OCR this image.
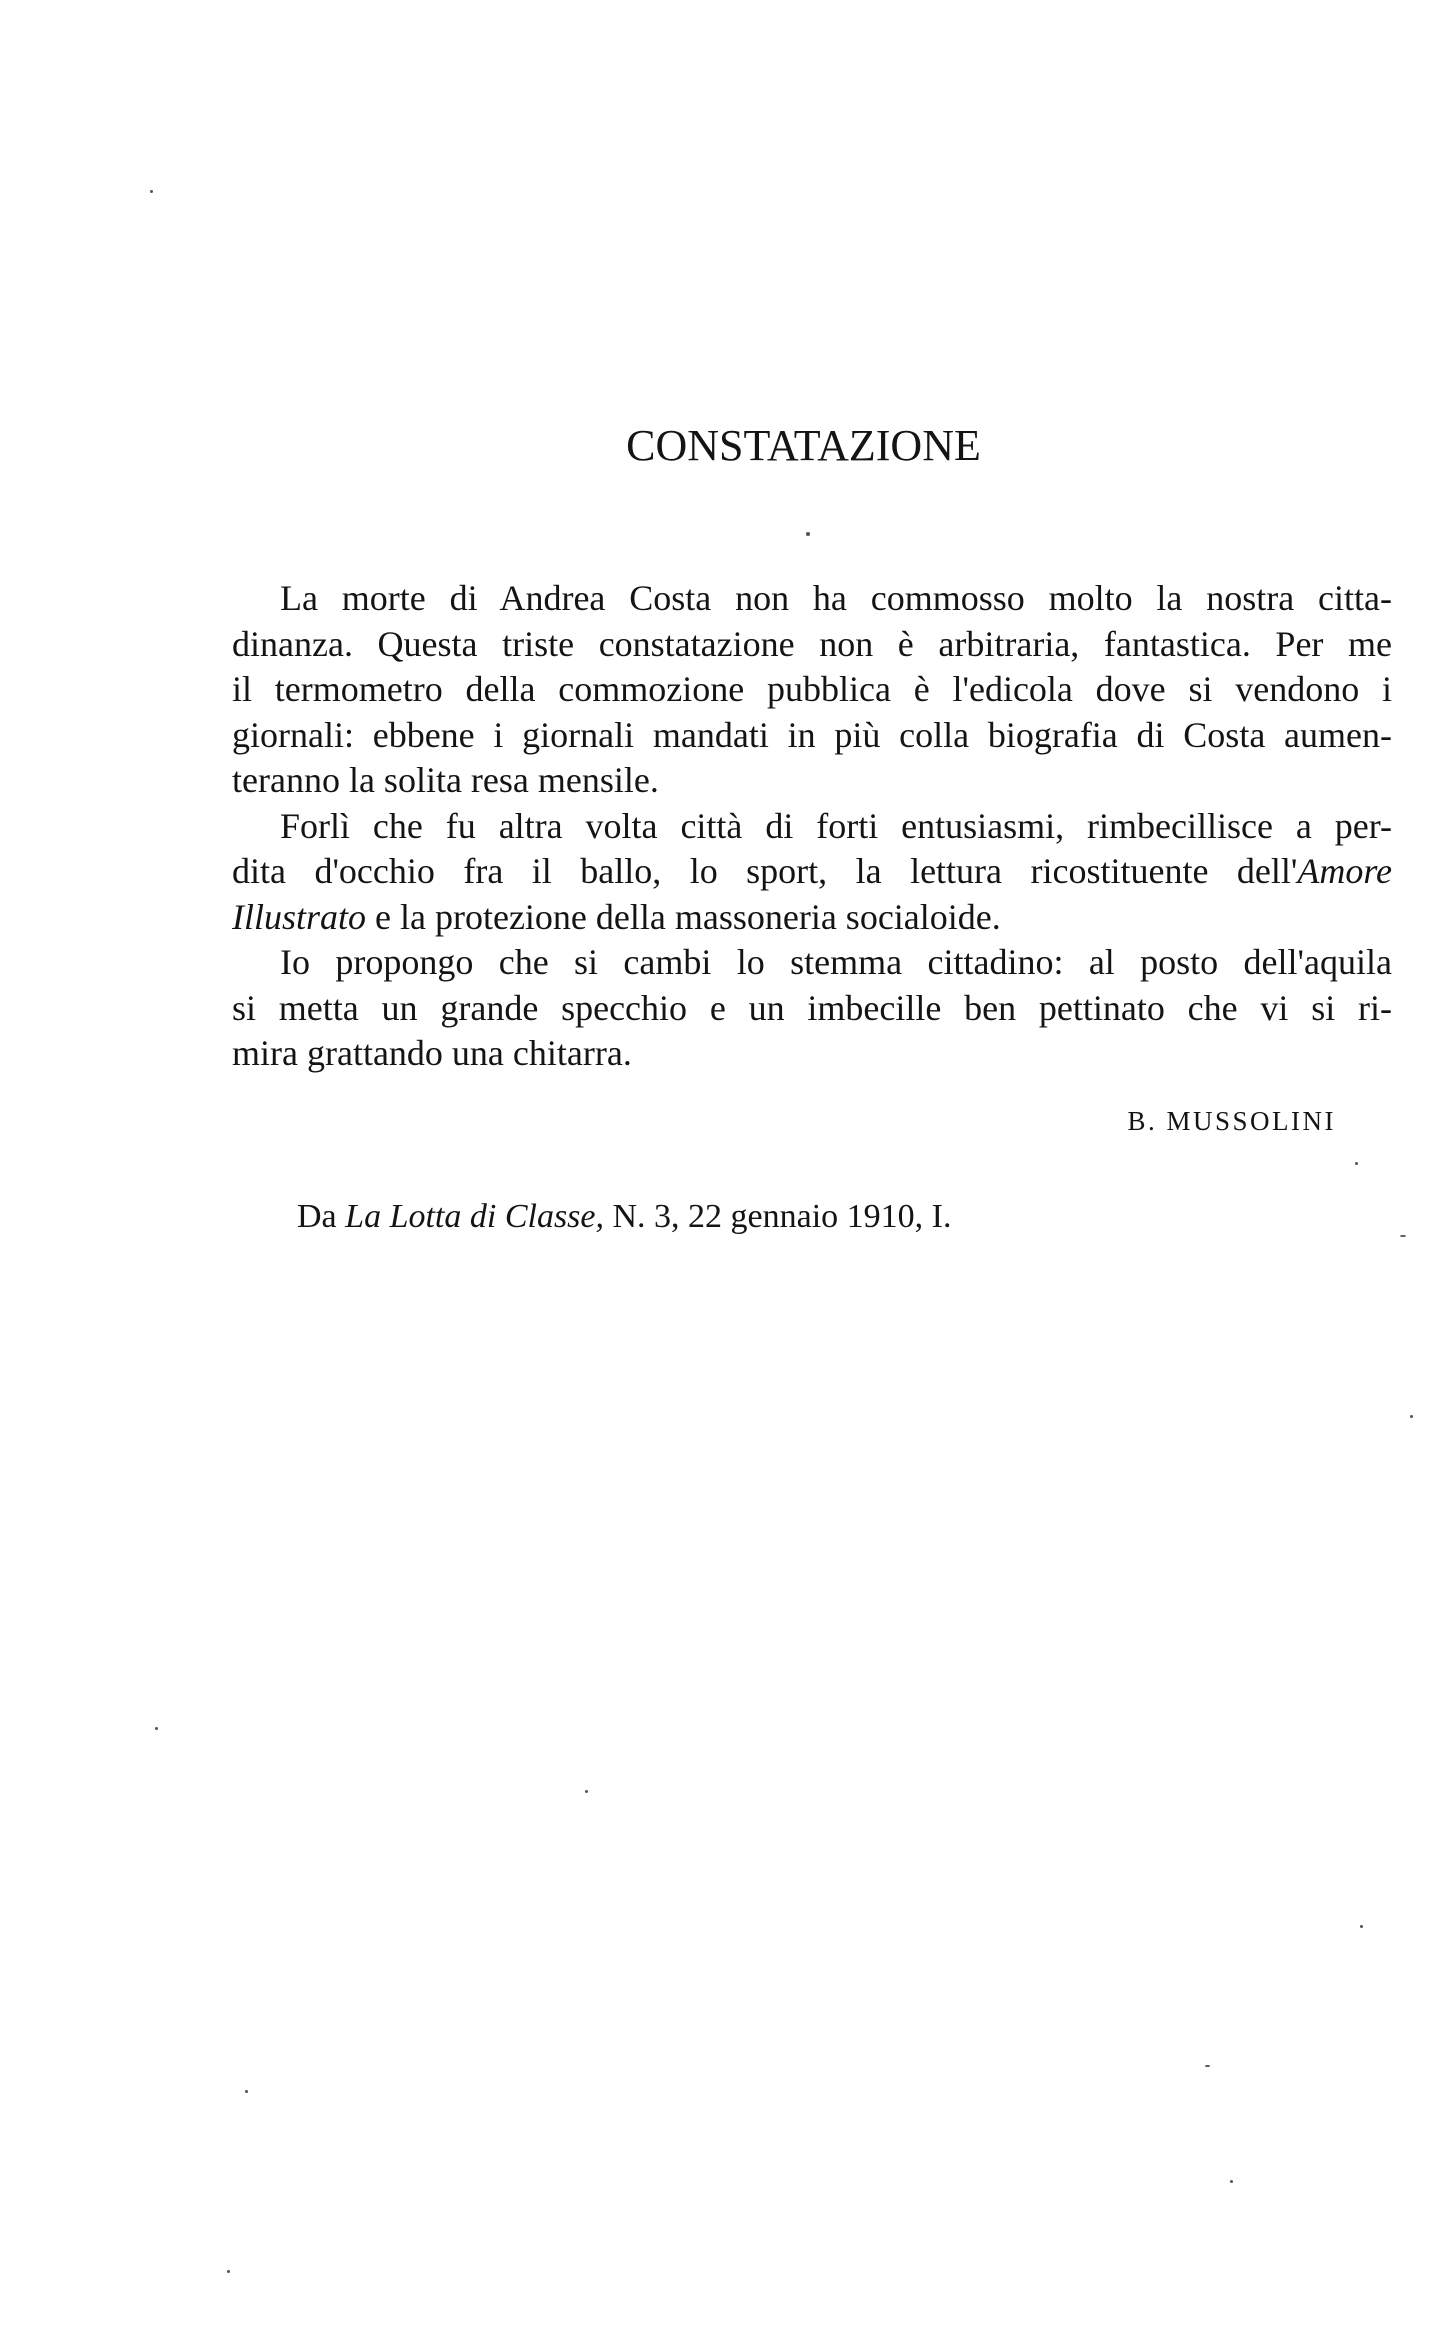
CONSTATAZIONE
La morte di Andrea Costa non ha commosso molto la nostra citta-
dinanza. Questa triste constatazione non è arbitraria, fantastica. Per me
il termometro della commozione pubblica è l'edicola dove si vendono i
giornali: ebbene i giornali mandati in più colla biografia di Costa aumen-
teranno la solita resa mensile.
Forlì che fu altra volta città di forti entusiasmi, rimbecillisce a per-
dita d'occhio fra il ballo, lo sport, la lettura ricostituente dell'Amore
Illustrato e la protezione della massoneria socialoide.
Io propongo che si cambi lo stemma cittadino: al posto dell'aquila
si metta un grande specchio e un imbecille ben pettinato che vi si ri-
mira grattando una chitarra.
B. MUSSOLINI
Da La Lotta di Classe, N. 3, 22 gennaio 1910, I.
